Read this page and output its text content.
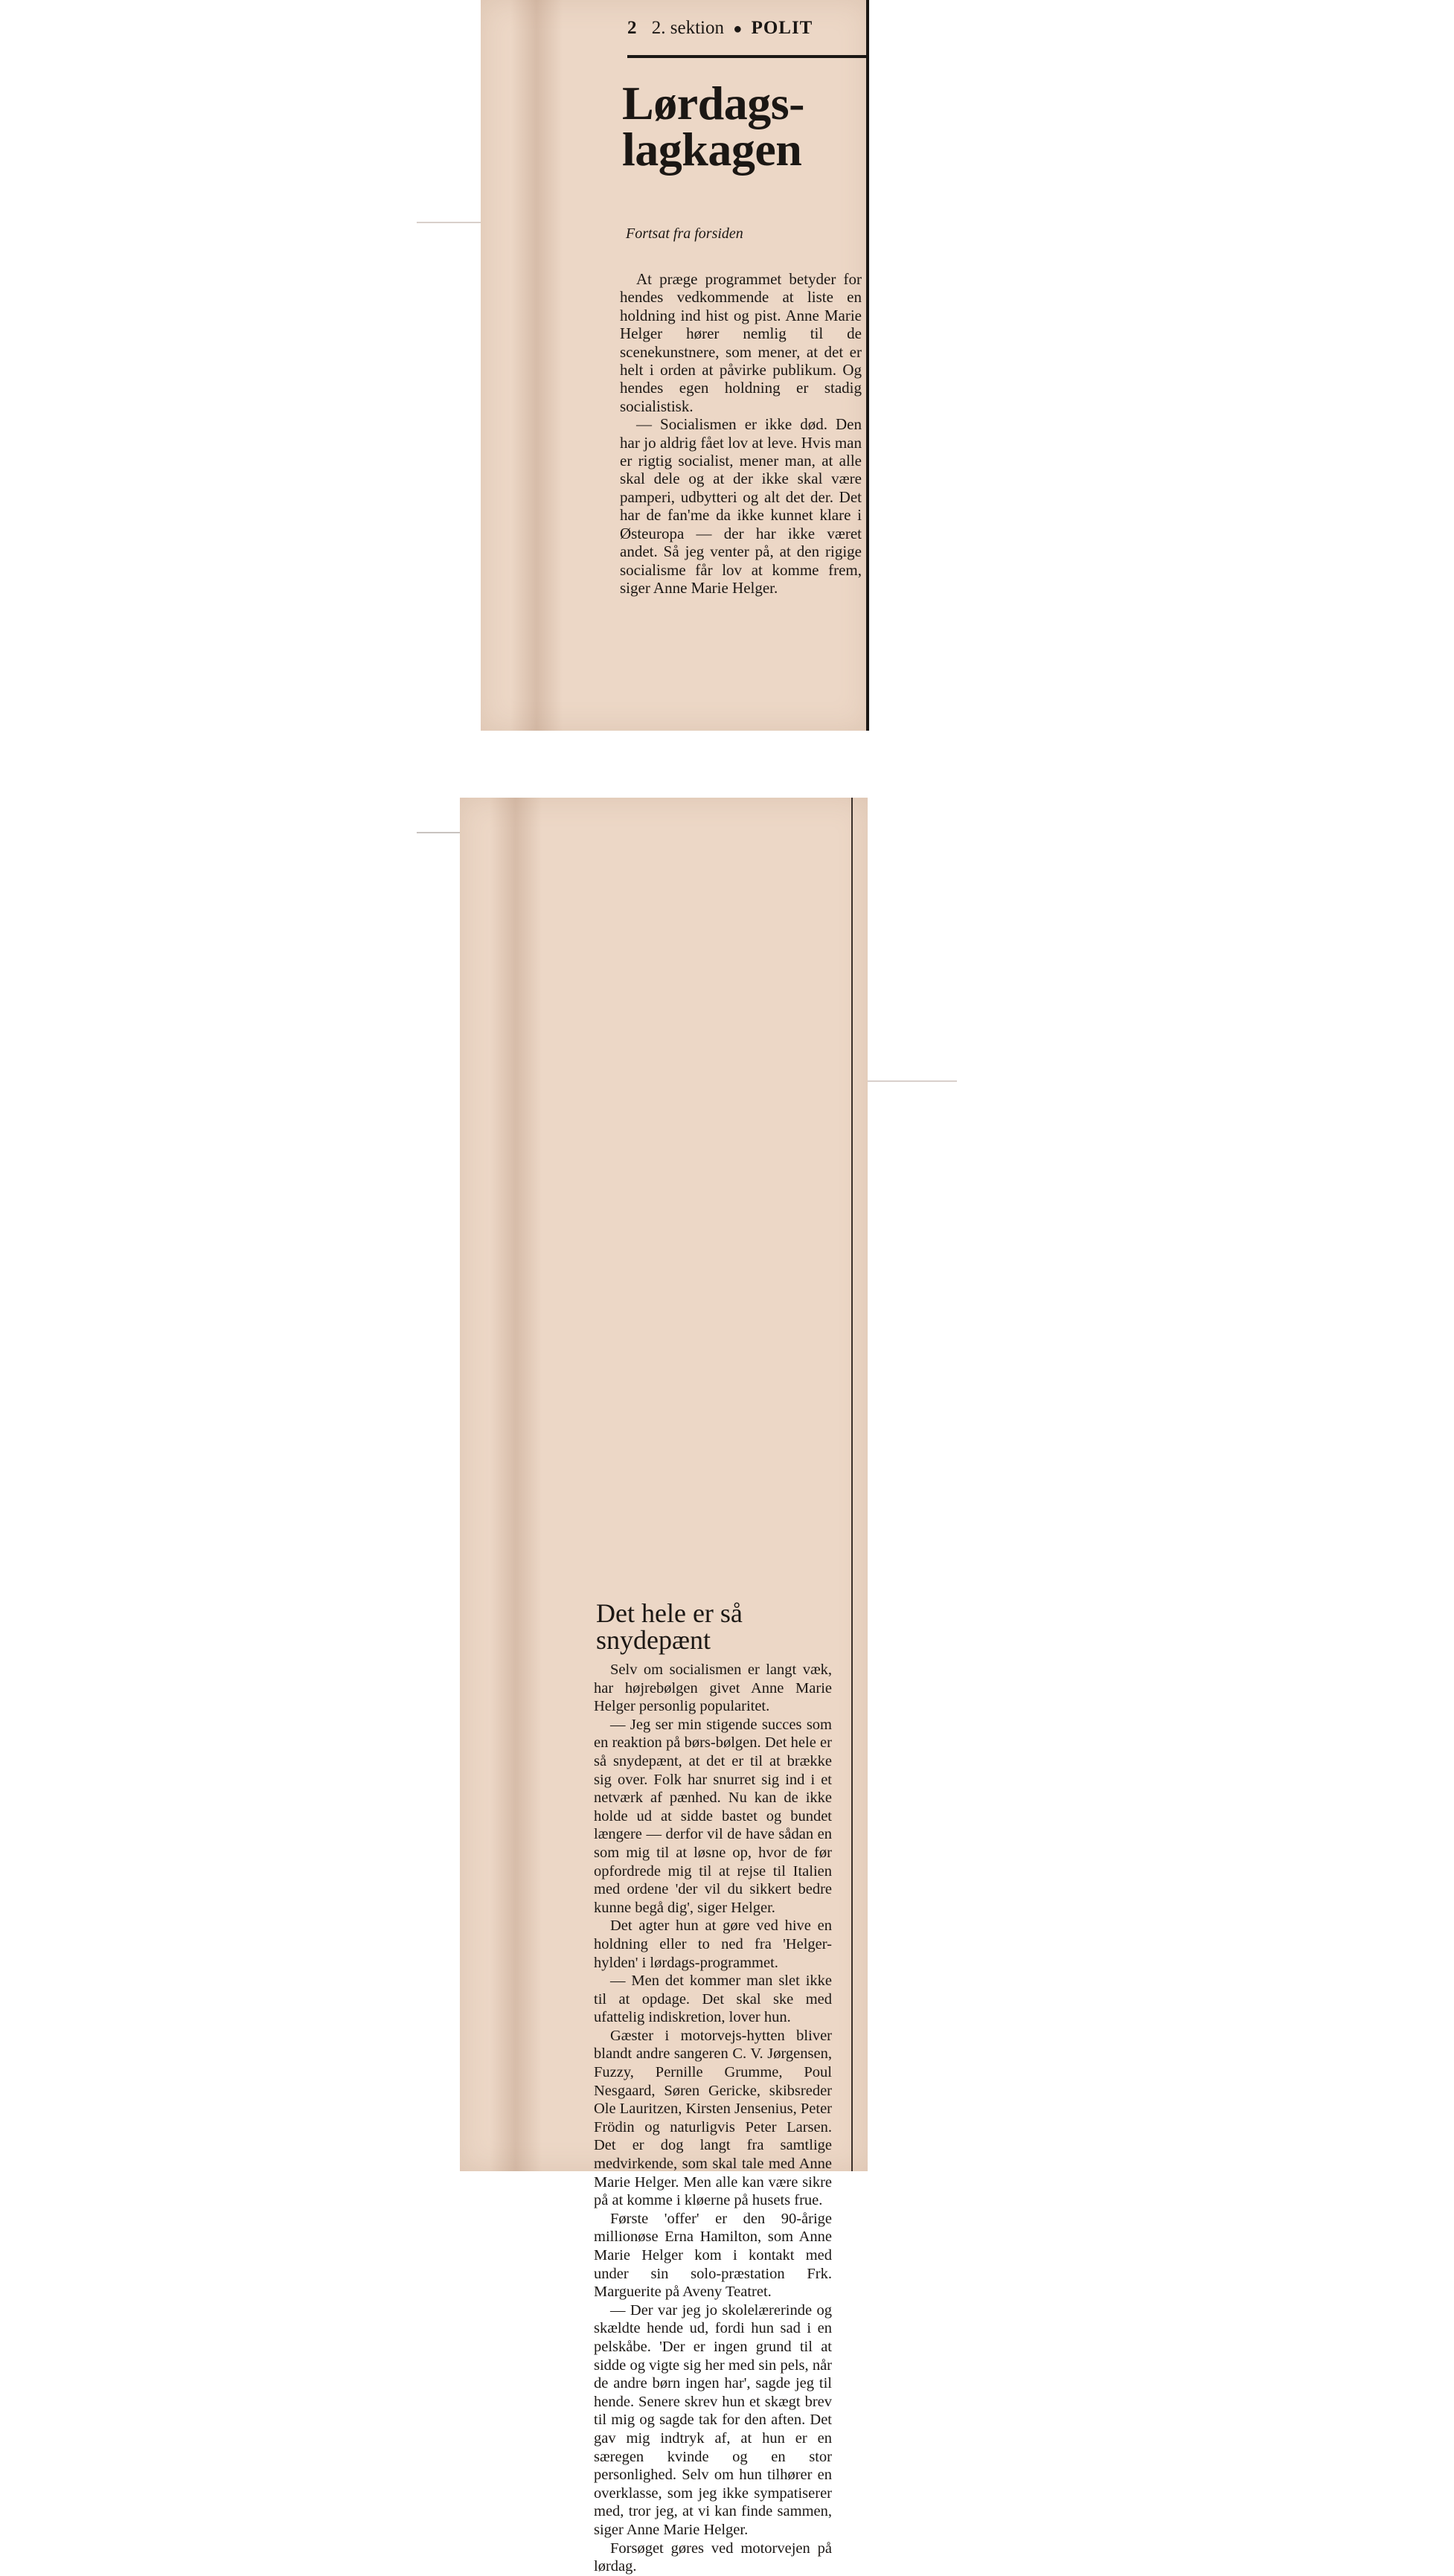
2 2. sektion ● POLIT
Lørdags-lagkagen
Fortsat fra forsiden

At præge programmet betyder for hendes vedkommende at liste en holdning ind hist og pist. Anne Marie Helger hører nemlig til de scenekunstnere, som mener, at det er helt i orden at påvirke publikum. Og hendes egen holdning er stadig socialistisk.

— Socialismen er ikke død. Den har jo aldrig fået lov at leve. Hvis man er rigtig socialist, mener man, at alle skal dele og at der ikke skal være pamperi, udbytteri og alt det der. Det har de fan'me da ikke kunnet klare i Østeuropa — der har ikke været andet. Så jeg venter på, at den rigige socialisme får lov at komme frem, siger Anne Marie Helger.

Det hele er så snydepænt

Selv om socialismen er langt væk, har højrebølgen givet Anne Marie Helger personlig popularitet.

— Jeg ser min stigende succes som en reaktion på børs-bølgen. Det hele er så snydepænt, at det er til at brække sig over. Folk har snurret sig ind i et netværk af pænhed. Nu kan de ikke holde ud at sidde bastet og bundet længere — derfor vil de have sådan en som mig til at løsne op, hvor de før opfordrede mig til at rejse til Italien med ordene 'der vil du sikkert bedre kunne begå dig', siger Helger.

Det agter hun at gøre ved hive en holdning eller to ned fra 'Helger-hylden' i lørdags-programmet.

— Men det kommer man slet ikke til at opdage. Det skal ske med ufattelig indiskretion, lover hun.

Gæster i motorvejs-hytten bliver blandt andre sangeren C. V. Jørgensen, Fuzzy, Pernille Grumme, Poul Nesgaard, Søren Gericke, skibsreder Ole Lauritzen, Kirsten Jensenius, Peter Frödin og naturligvis Peter Larsen. Det er dog langt fra samtlige medvirkende, som skal tale med Anne Marie Helger. Men alle kan være sikre på at komme i kløerne på husets frue.

Første 'offer' er den 90-årige millionøse Erna Hamilton, som Anne Marie Helger kom i kontakt med under sin solo-præstation Frk. Marguerite på Aveny Teatret.

— Der var jeg jo skolelærerinde og skældte hende ud, fordi hun sad i en pelskåbe. 'Der er ingen grund til at sidde og vigte sig her med sin pels, når de andre børn ingen har', sagde jeg til hende. Senere skrev hun et skægt brev til mig og sagde tak for den aften. Det gav mig indtryk af, at hun er en særegen kvinde og en stor personlighed. Selv om hun tilhører en overklasse, som jeg ikke sympatiserer med, tror jeg, at vi kan finde sammen, siger Anne Marie Helger.

Forsøget gøres ved motorvejen på lørdag.
